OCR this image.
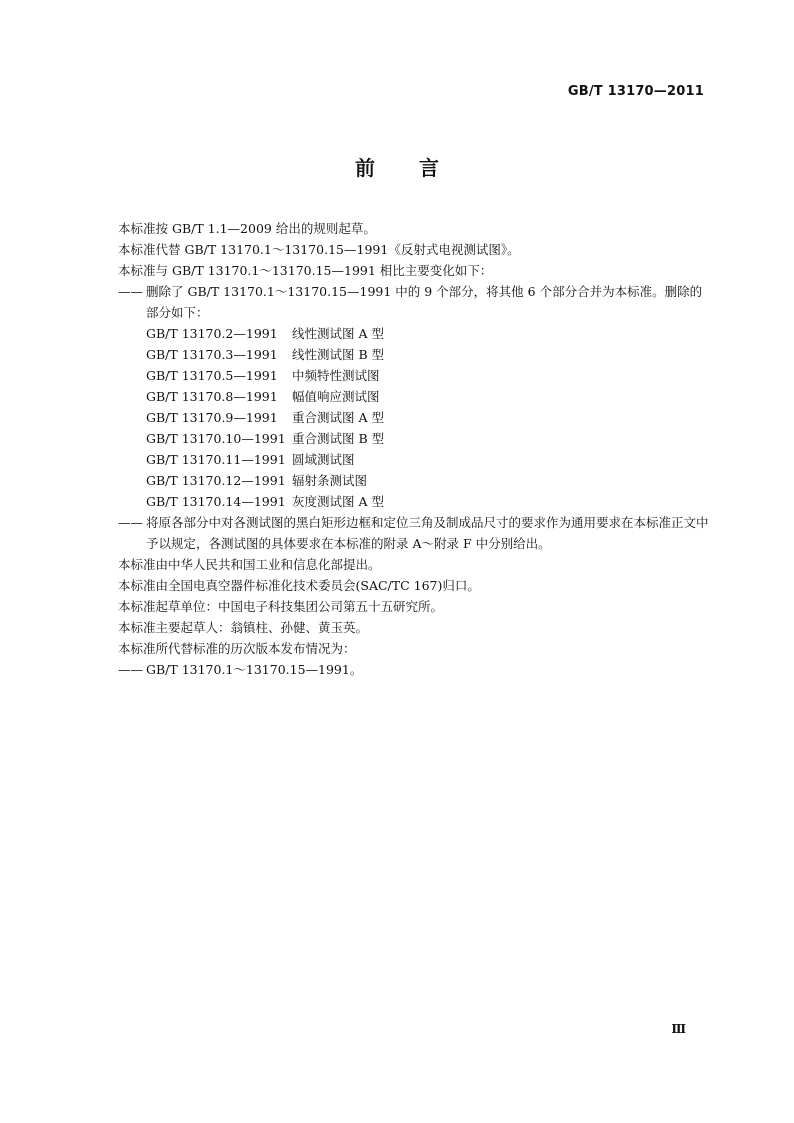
GB/T 13170—2011
前言

本标准按 GB/T 1.1—2009 给出的规则起草。

本标准代替 GB/T 13170.1～13170.15—1991《反射式电视测试图》。

本标准与 GB/T 13170.1～13170.15—1991 相比主要变化如下：

—— 删除了 GB/T 13170.1～13170.15—1991 中的 9 个部分，将其他 6 个部分合并为本标准。删除的部分如下：

GB/T 13170.2—1991 线性测试图 A 型
GB/T 13170.3—1991 线性测试图 B 型
GB/T 13170.5—1991 中频特性测试图
GB/T 13170.8—1991 幅值响应测试图
GB/T 13170.9—1991 重合测试图 A 型
GB/T 13170.10—1991 重合测试图 B 型
GB/T 13170.11—1991 圆域测试图
GB/T 13170.12—1991 辐射条测试图
GB/T 13170.14—1991 灰度测试图 A 型

—— 将原各部分中对各测试图的黑白矩形边框和定位三角及制成品尺寸的要求作为通用要求在本标准正文中予以规定，各测试图的具体要求在本标准的附录 A～附录 F 中分别给出。

本标准由中华人民共和国工业和信息化部提出。

本标准由全国电真空器件标准化技术委员会(SAC/TC 167)归口。

本标准起草单位：中国电子科技集团公司第五十五研究所。

本标准主要起草人：翁镇柱、孙健、黄玉英。

本标准所代替标准的历次版本发布情况为：

—— GB/T 13170.1～13170.15—1991。

Ⅲ
